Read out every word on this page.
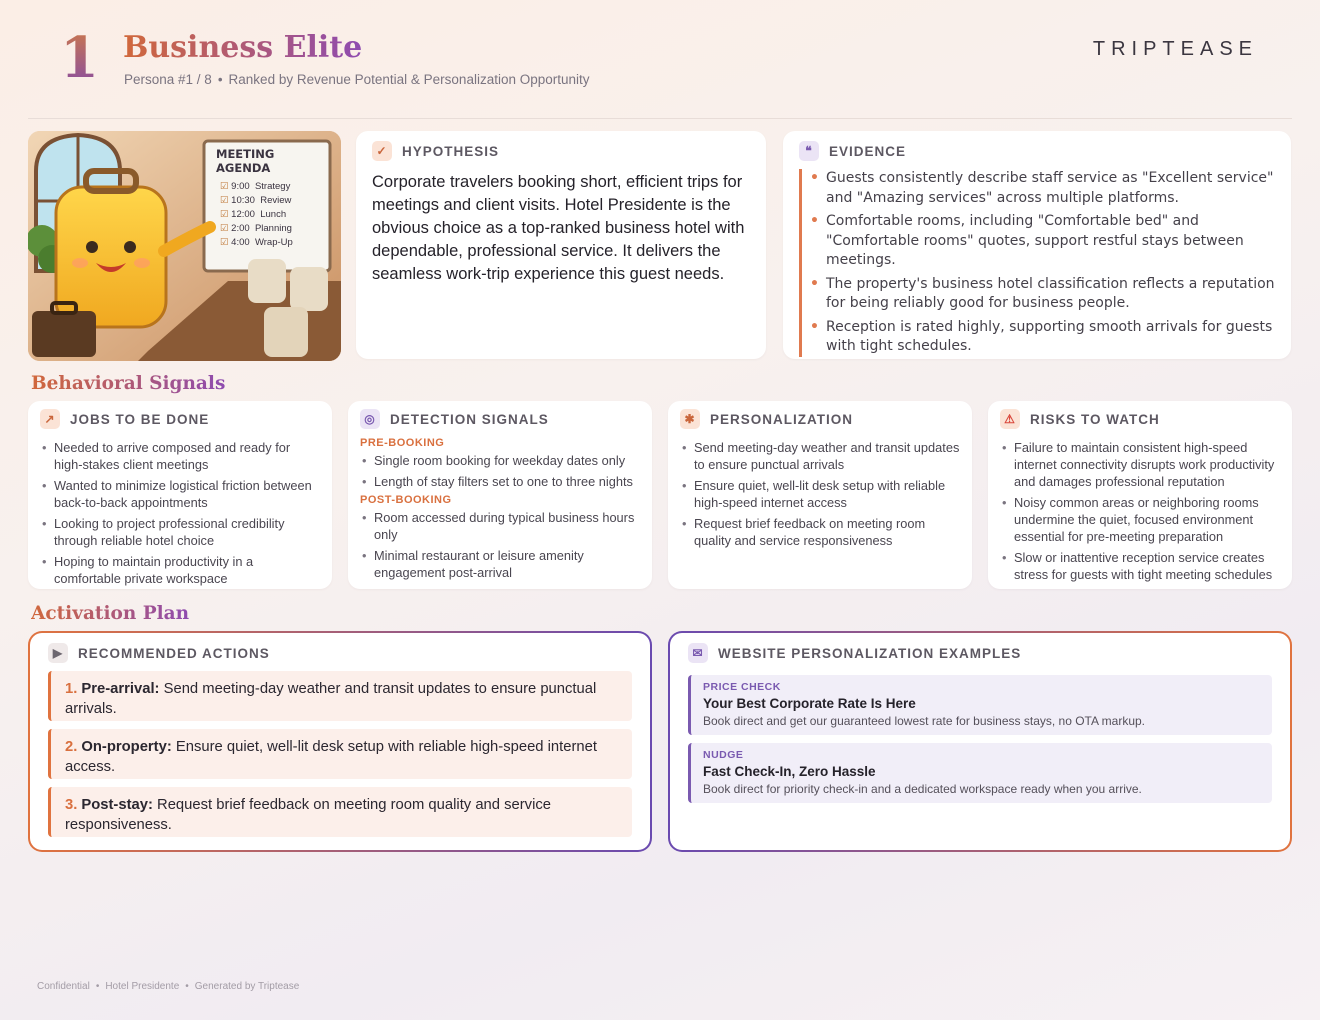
1 Business Elite
Persona #1 / 8 • Ranked by Revenue Potential & Personalization Opportunity
TRIPTEASE
MEETING AGENDA
☑ 9:00 Strategy
☑ 10:30 Review
☑ 12:00 Lunch
☑ 2:00 Planning
☑ 4:00 Wrap-Up
✓	HYPOTHESIS

Corporate travelers booking short, efficient trips for meetings and client visits. Hotel Presidente is the obvious choice as a top-ranked business hotel with dependable, professional service. It delivers the seamless work-trip experience this guest needs.

❝	EVIDENCE
• Guests consistently describe staff service as "Excellent service" and "Amazing services" across multiple platforms.
• Comfortable rooms, including "Comfortable bed" and "Comfortable rooms" quotes, support restful stays between meetings.
• The property's business hotel classification reflects a reputation for being reliably good for business people.
• Reception is rated highly, supporting smooth arrivals for guests with tight schedules.
Behavioral Signals
↗	JOBS TO BE DONE
• Needed to arrive composed and ready for high-stakes client meetings
• Wanted to minimize logistical friction between back-to-back appointments
• Looking to project professional credibility through reliable hotel choice
• Hoping to maintain productivity in a comfortable private workspace
◎	DETECTION SIGNALS
PRE-BOOKING
• Single room booking for weekday dates only
• Length of stay filters set to one to three nights
POST-BOOKING
• Room accessed during typical business hours only
• Minimal restaurant or leisure amenity engagement post-arrival
✱	PERSONALIZATION
• Send meeting-day weather and transit updates to ensure punctual arrivals
• Ensure quiet, well-lit desk setup with reliable high-speed internet access
• Request brief feedback on meeting room quality and service responsiveness
⚠	RISKS TO WATCH
• Failure to maintain consistent high-speed internet connectivity disrupts work productivity and damages professional reputation
• Noisy common areas or neighboring rooms undermine the quiet, focused environment essential for pre-meeting preparation
• Slow or inattentive reception service creates stress for guests with tight meeting schedules
Activation Plan
▶	RECOMMENDED ACTIONS
1. Pre-arrival: Send meeting-day weather and transit updates to ensure punctual arrivals.
2. On-property: Ensure quiet, well-lit desk setup with reliable high-speed internet access.
3. Post-stay: Request brief feedback on meeting room quality and service responsiveness.
✉	WEBSITE PERSONALIZATION EXAMPLES
PRICE CHECK
Your Best Corporate Rate Is Here
Book direct and get our guaranteed lowest rate for business stays, no OTA markup.
NUDGE
Fast Check-In, Zero Hassle
Book direct for priority check-in and a dedicated workspace ready when you arrive.
Confidential • Hotel Presidente • Generated by Triptease
